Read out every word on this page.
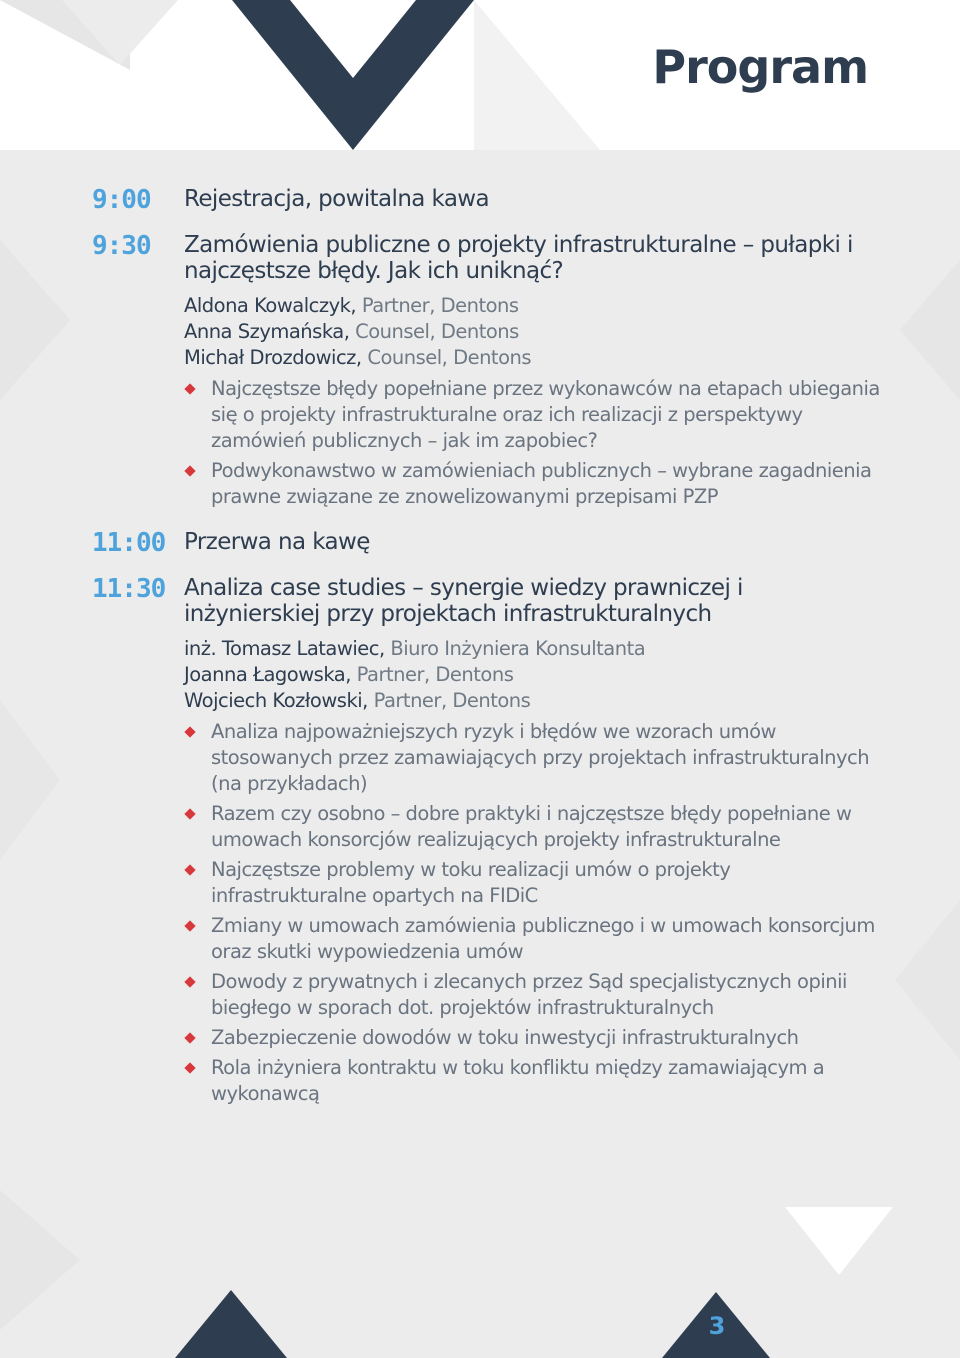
Program
9:00	Rejestracja, powitalna kawa
9:30	Zamówienia publiczne o projekty infrastrukturalne – pułapki i najczęstsze błędy. Jak ich uniknąć?
Aldona Kowalczyk, Partner, Dentons
Anna Szymańska, Counsel, Dentons
Michał Drozdowicz, Counsel, Dentons
Najczęstsze błędy popełniane przez wykonawców na etapach ubiegania się o projekty infrastrukturalne oraz ich realizacji z perspektywy zamówień publicznych – jak im zapobiec?
Podwykonawstwo w zamówieniach publicznych – wybrane zagadnienia prawne związane ze znowelizowanymi przepisami PZP
11:00 Przerwa na kawę
11:30 Analiza case studies – synergie wiedzy prawniczej i inżynierskiej przy projektach infrastrukturalnych
inż. Tomasz Latawiec, Biuro Inżyniera Konsultanta
Joanna Łagowska, Partner, Dentons
Wojciech Kozłowski, Partner, Dentons
Analiza najpoważniejszych ryzyk i błędów we wzorach umów stosowanych przez zamawiających przy projektach infrastrukturalnych (na przykładach)
Razem czy osobno – dobre praktyki i najczęstsze błędy popełniane w umowach konsorcjów realizujących projekty infrastrukturalne
Najczęstsze problemy w toku realizacji umów o projekty infrastrukturalne opartych na FIDiC
Zmiany w umowach zamówienia publicznego i w umowach konsorcjum oraz skutki wypowiedzenia umów
Dowody z prywatnych i zlecanych przez Sąd specjalistycznych opinii biegłego w sporach dot. projektów infrastrukturalnych
Zabezpieczenie dowodów w toku inwestycji infrastrukturalnych
Rola inżyniera kontraktu w toku konfliktu między zamawiającym a wykonawcą
3
